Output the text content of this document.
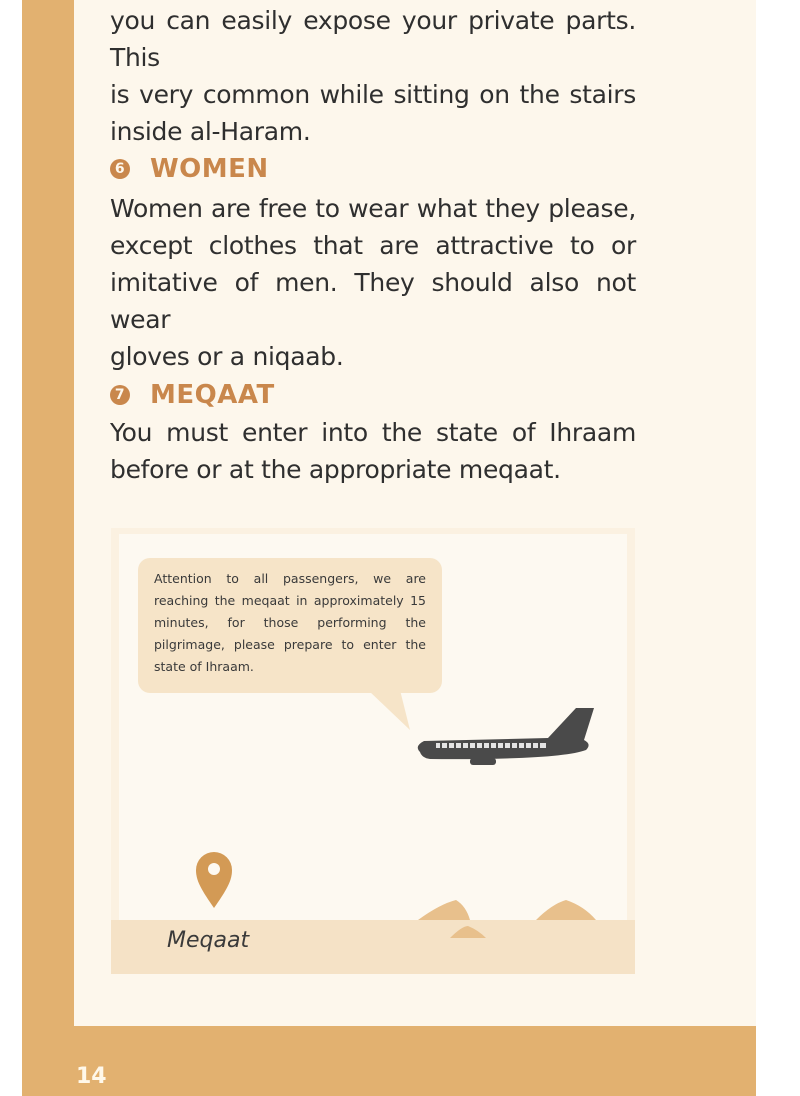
you can easily expose your private parts. This
is very common while sitting on the stairs
inside al-Haram.
6 WOMEN
Women are free to wear what they please,
except clothes that are attractive to or
imitative of men. They should also not wear
gloves or a niqaab.
7 MEQAAT
You must enter into the state of Ihraam
before or at the appropriate meqaat.
Attention to all passengers, we are reaching the meqaat in approximately 15 minutes, for those performing the pilgrimage, please prepare to enter the state of Ihraam.
Meqaat
14
